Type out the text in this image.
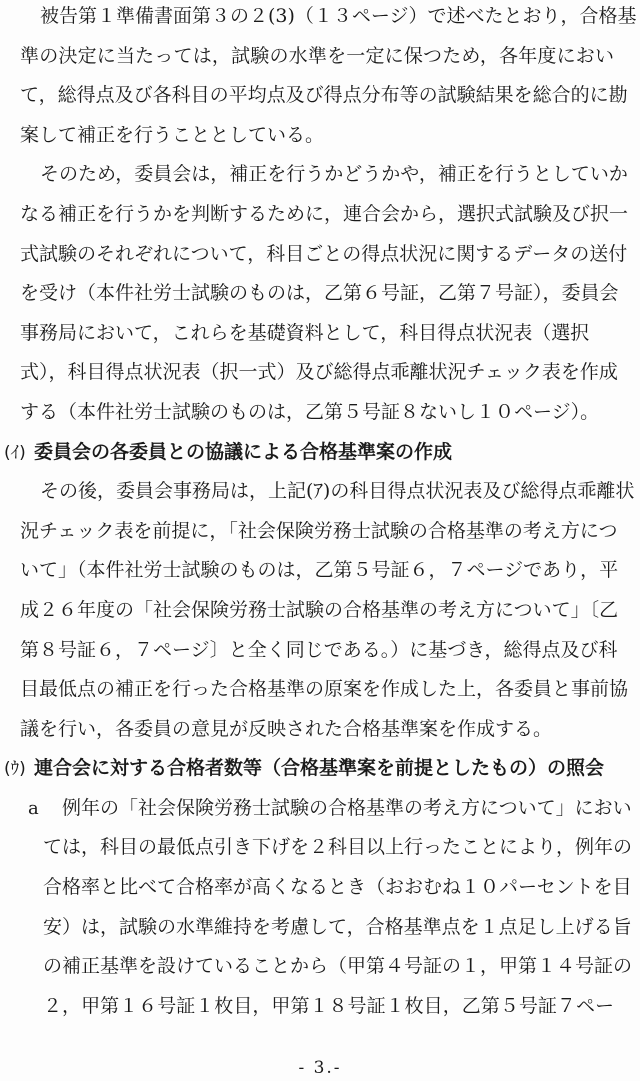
被告第１準備書面第３の２(3)（１３ページ）で述べたとおり，合格基
準の決定に当たっては，試験の水準を一定に保つため，各年度におい
て，総得点及び各科目の平均点及び得点分布等の試験結果を総合的に勘
案して補正を行うこととしている。
そのため，委員会は，補正を行うかどうかや，補正を行うとしていか
なる補正を行うかを判断するために，連合会から，選択式試験及び択一
式試験のそれぞれについて，科目ごとの得点状況に関するデータの送付
を受け（本件社労士試験のものは，乙第６号証，乙第７号証），委員会
事務局において，これらを基礎資料として，科目得点状況表（選択
式），科目得点状況表（択一式）及び総得点乖離状況チェック表を作成
する（本件社労士試験のものは，乙第５号証８ないし１０ページ）。
(ｲ) 委員会の各委員との協議による合格基準案の作成
その後，委員会事務局は，上記(ｱ)の科目得点状況表及び総得点乖離状
況チェック表を前提に，「社会保険労務士試験の合格基準の考え方につ
いて」（本件社労士試験のものは，乙第５号証６，７ページであり，平
成２６年度の「社会保険労務士試験の合格基準の考え方について」〔乙
第８号証６，７ページ〕と全く同じである。）に基づき，総得点及び科
目最低点の補正を行った合格基準の原案を作成した上，各委員と事前協
議を行い，各委員の意見が反映された合格基準案を作成する。
(ｳ) 連合会に対する合格者数等（合格基準案を前提としたもの）の照会
a 例年の「社会保険労務士試験の合格基準の考え方について」におい
ては，科目の最低点引き下げを２科目以上行ったことにより，例年の
合格率と比べて合格率が高くなるとき（おおむね１０パーセントを目
安）は，試験の水準維持を考慮して，合格基準点を１点足し上げる旨
の補正基準を設けていることから（甲第４号証の１，甲第１４号証の
２，甲第１６号証１枚目，甲第１８号証１枚目，乙第５号証７ペー
- 3.-
